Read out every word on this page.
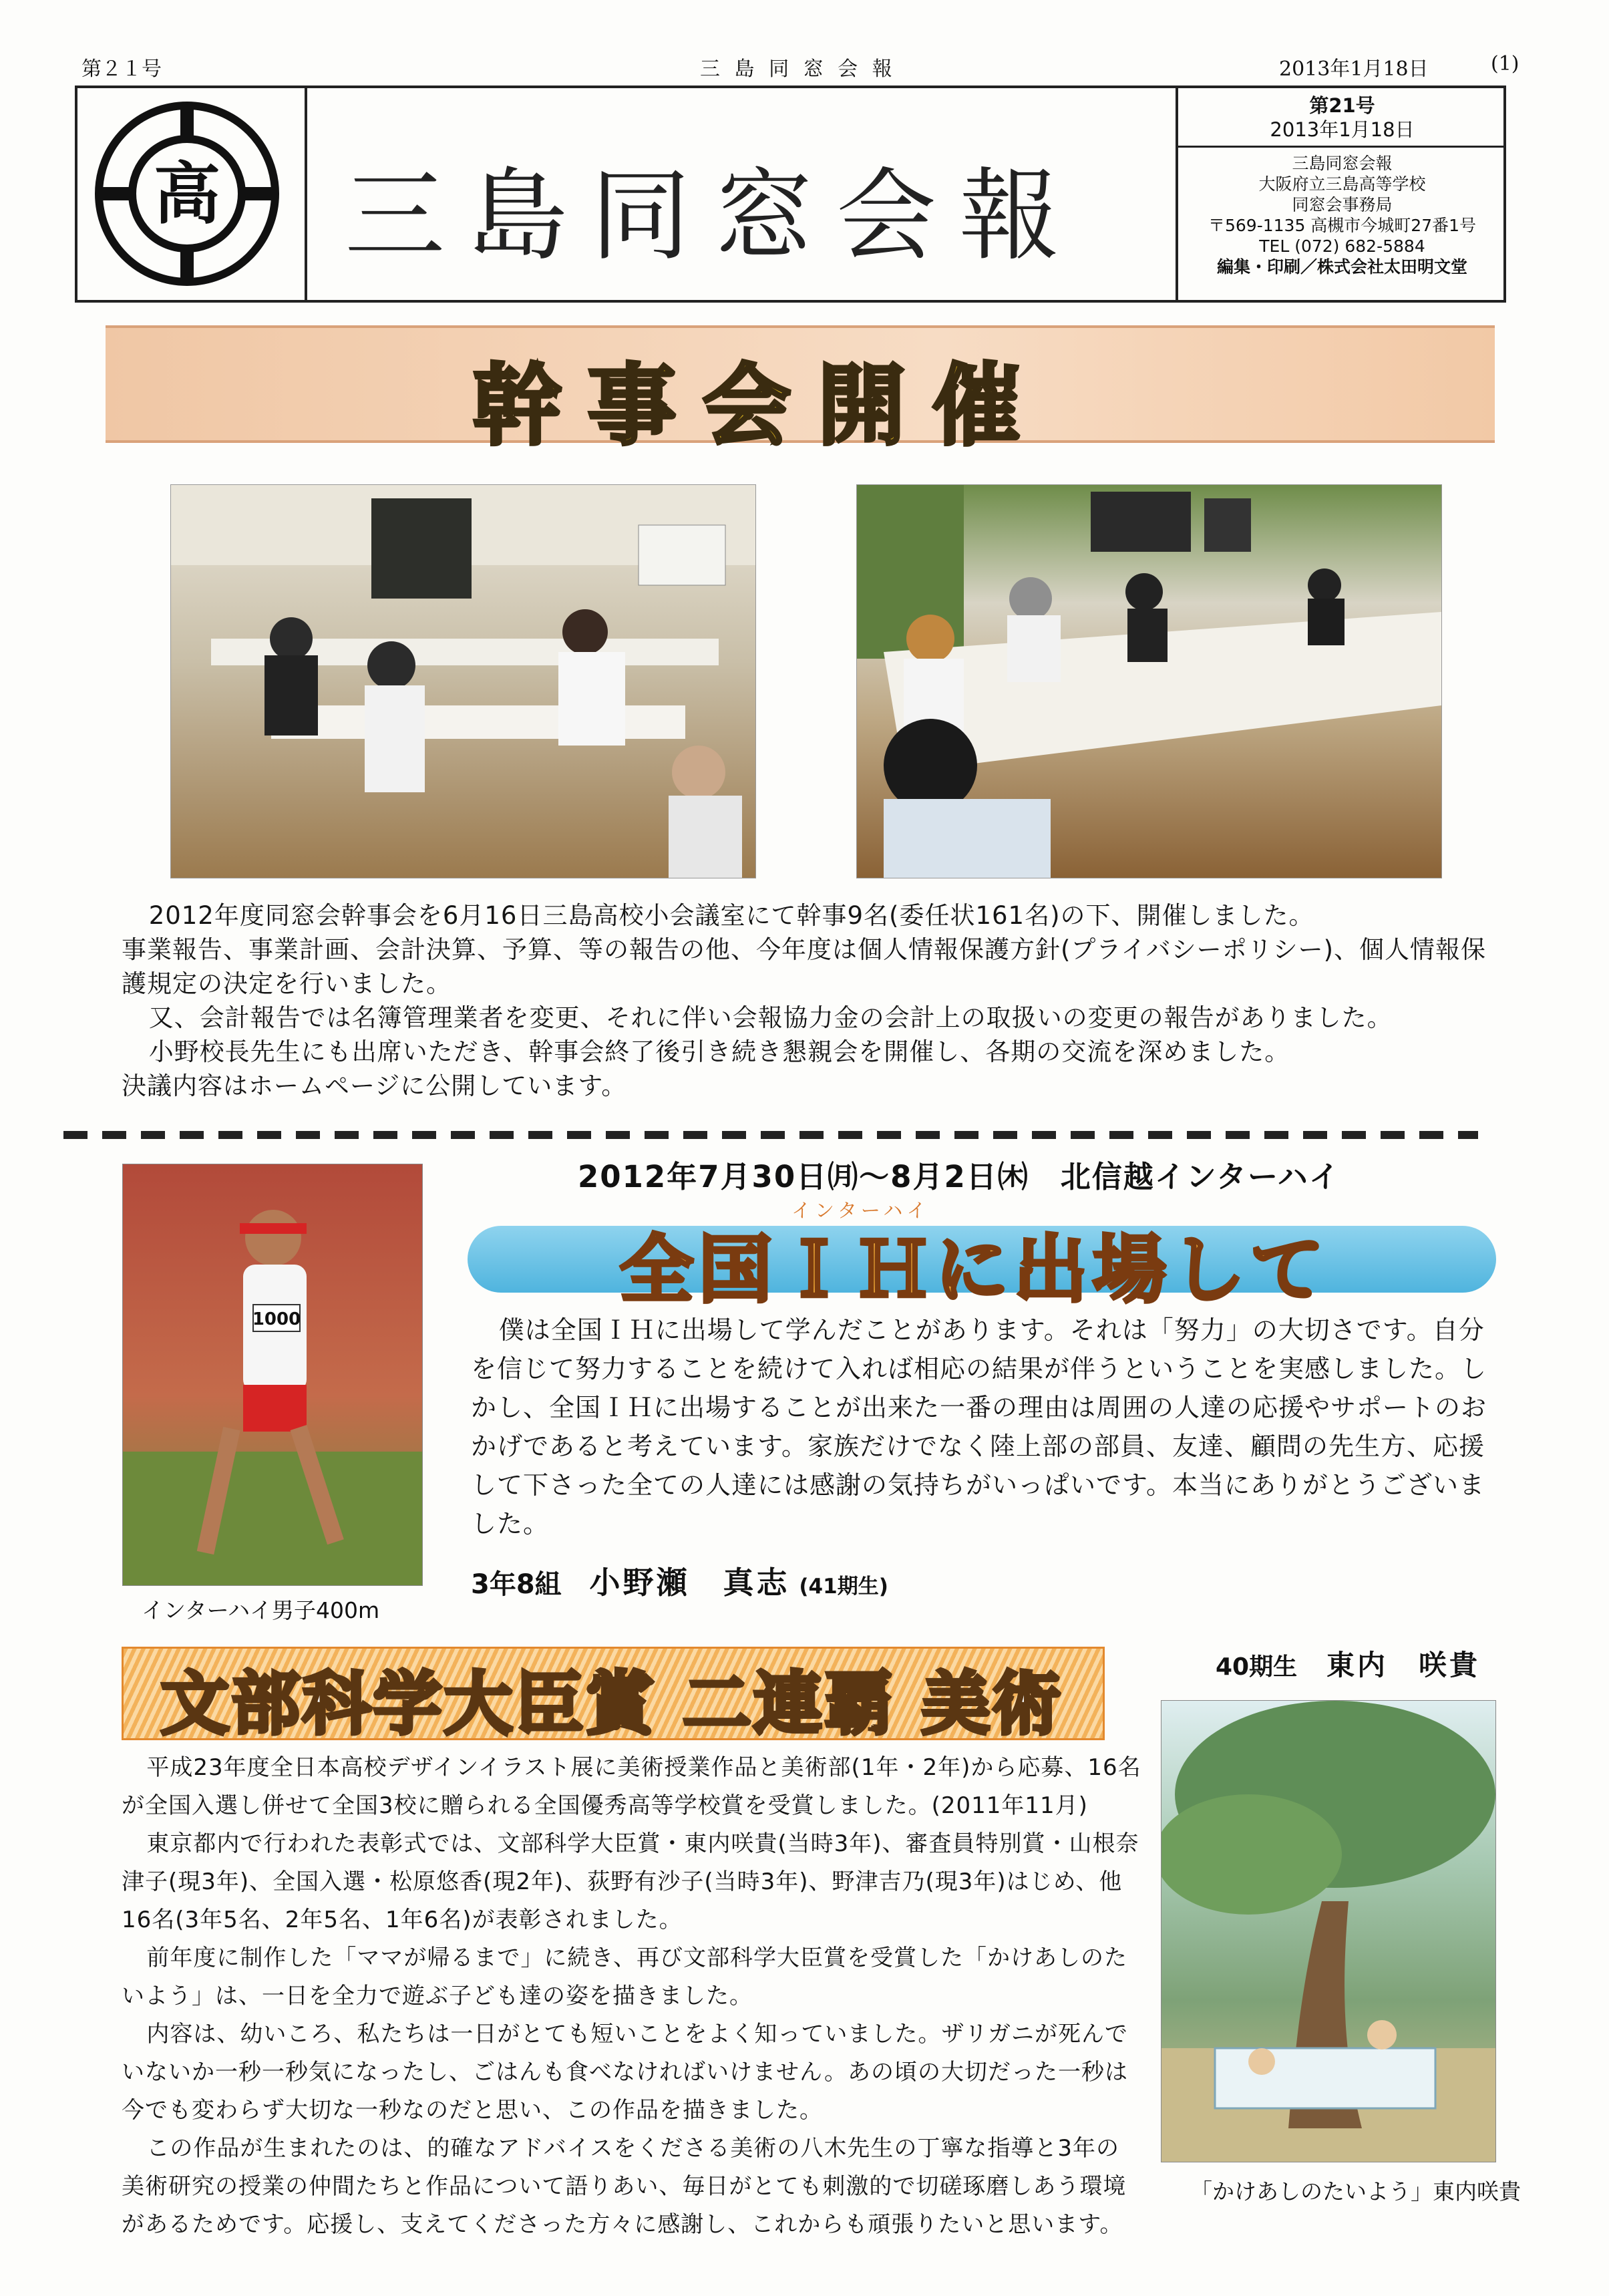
第２１号	三 島 同 窓 会 報	2013年1月18日	(1)
高 三島同窓会報
第21号
2013年1月18日
三島同窓会報
大阪府立三島高等学校
同窓会事務局
〒569-1135 高槻市今城町27番1号
TEL (072) 682-5884
編集・印刷／株式会社太田明文堂
幹事会開催

2012年度同窓会幹事会を6月16日三島高校小会議室にて幹事9名(委任状161名)の下、開催しました。

事業報告、事業計画、会計決算、予算、等の報告の他、今年度は個人情報保護方針(プライバシーポリシー)、個人情報保護規定の決定を行いました。

又、会計報告では名簿管理業者を変更、それに伴い会報協力金の会計上の取扱いの変更の報告がありました。

小野校長先生にも出席いただき、幹事会終了後引き続き懇親会を開催し、各期の交流を深めました。

決議内容はホームページに公開しています。

1000
インターハイ男子400m
2012年7月30日㈪～8月2日㈭　北信越インターハイ
インターハイ
全国ＩＨに出場して

僕は全国ＩＨに出場して学んだことがあります。それは「努力」の大切さです。自分を信じて努力することを続けて入れば相応の結果が伴うということを実感しました。しかし、全国ＩＨに出場することが出来た一番の理由は周囲の人達の応援やサポートのおかげであると考えています。家族だけでなく陸上部の部員、友達、顧問の先生方、応援して下さった全ての人達には感謝の気持ちがいっぱいです。本当にありがとうございました。

3年8組 小野瀬　真志 (41期生)
文部科学大臣賞 二連覇 美術	40期生 東内　咲貴

平成23年度全日本高校デザインイラスト展に美術授業作品と美術部(1年・2年)から応募、16名が全国入選し併せて全国3校に贈られる全国優秀高等学校賞を受賞しました。(2011年11月)

東京都内で行われた表彰式では、文部科学大臣賞・東内咲貴(当時3年)、審査員特別賞・山根奈津子(現3年)、全国入選・松原悠香(現2年)、荻野有沙子(当時3年)、野津吉乃(現3年)はじめ、他16名(3年5名、2年5名、1年6名)が表彰されました。

前年度に制作した「ママが帰るまで」に続き、再び文部科学大臣賞を受賞した「かけあしのたいよう」は、一日を全力で遊ぶ子ども達の姿を描きました。

内容は、幼いころ、私たちは一日がとても短いことをよく知っていました。ザリガニが死んでいないか一秒一秒気になったし、ごはんも食べなければいけません。あの頃の大切だった一秒は今でも変わらず大切な一秒なのだと思い、この作品を描きました。

この作品が生まれたのは、的確なアドバイスをくださる美術の八木先生の丁寧な指導と3年の美術研究の授業の仲間たちと作品について語りあい、毎日がとても刺激的で切磋琢磨しあう環境があるためです。応援し、支えてくださった方々に感謝し、これからも頑張りたいと思います。

「かけあしのたいよう」東内咲貴
